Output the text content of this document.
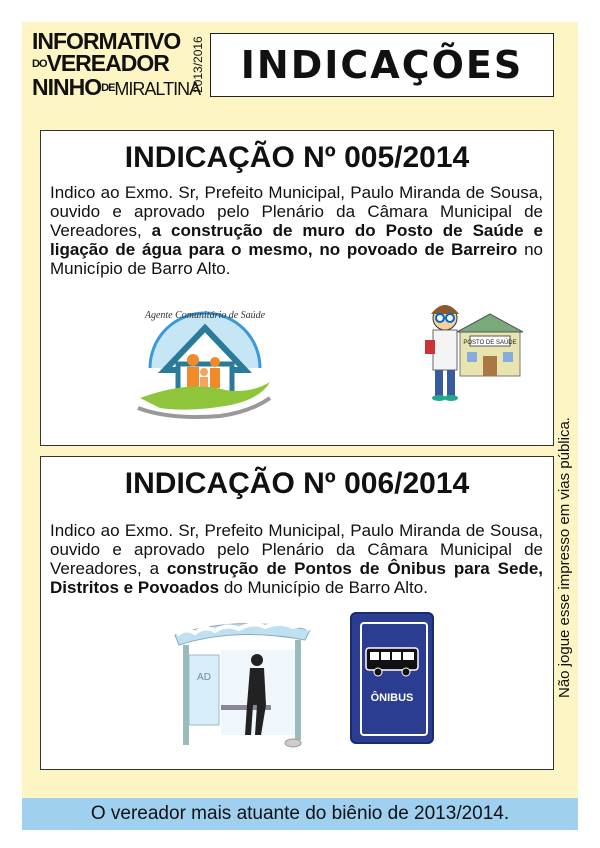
INFORMATIVO
DOVEREADOR
NINHODEMIRALTINA
2013/2016 INDICAÇÕES
INDICAÇÃO Nº 005/2014
Indico ao Exmo. Sr, Prefeito Municipal, Paulo Miranda de Sousa, ouvido e aprovado pelo Plenário da Câmara Municipal de Vereadores, a construção de muro do Posto de Saúde e ligação de água para o mesmo, no povoado de Barreiro no Município de Barro Alto.
Agente Comunitário de Saúde
POSTO DE SAÚDE
INDICAÇÃO Nº 006/2014
Indico ao Exmo. Sr, Prefeito Municipal, Paulo Miranda de Sousa, ouvido e aprovado pelo Plenário da Câmara Municipal de Vereadores, a construção de Pontos de Ônibus para Sede, Distritos e Povoados do Município de Barro Alto.
AD
ÔNIBUS	Não jogue esse impresso em vias pública.
O vereador mais atuante do biênio de 2013/2014.
